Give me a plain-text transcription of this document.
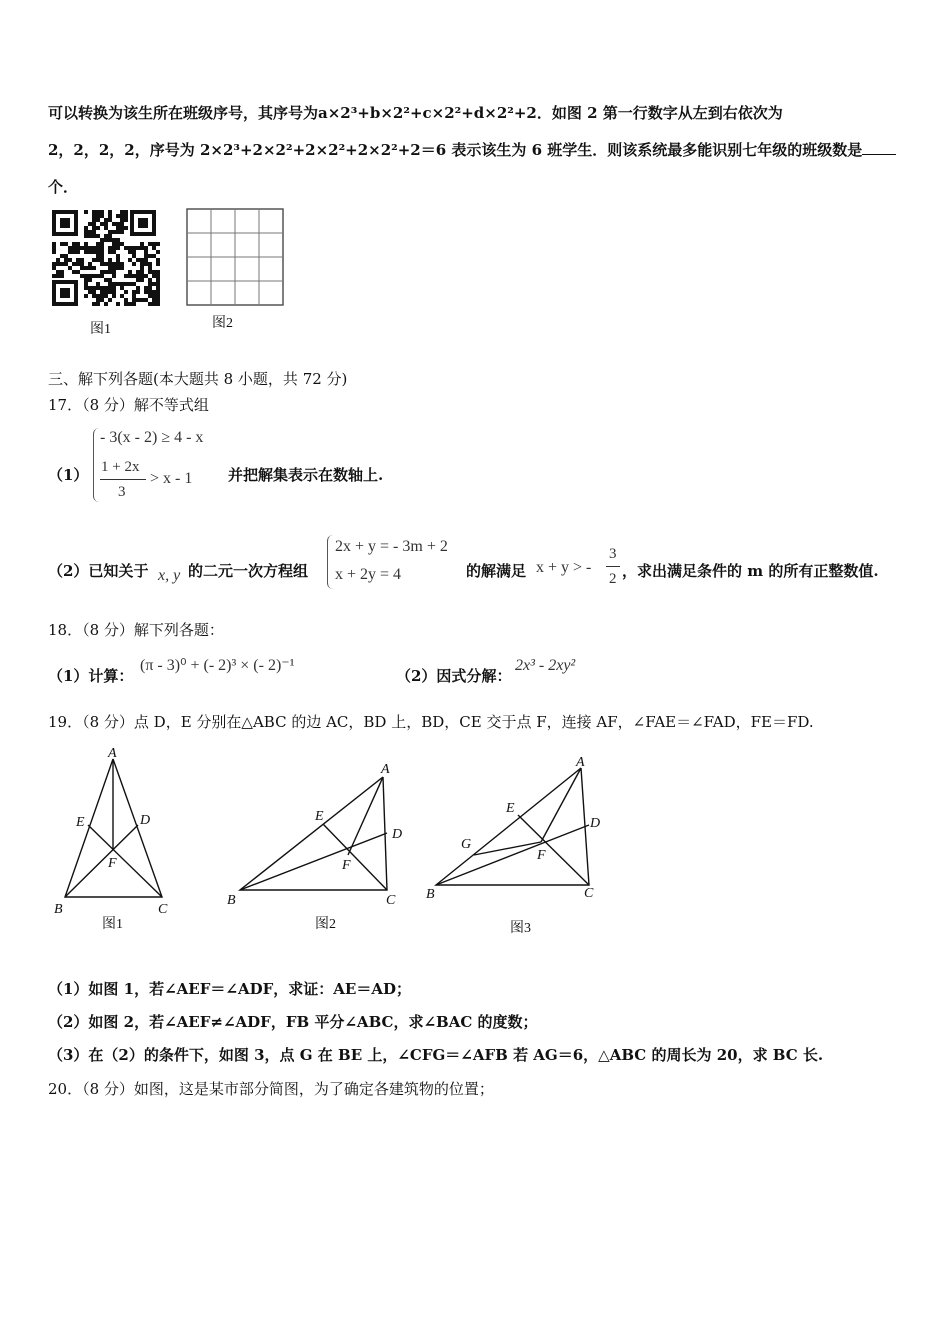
可以转换为该生所在班级序号，其序号为a×2³+b×2²+c×2²+d×2²+2．如图 2 第一行数字从左到右依次为
2，2，2，2，序号为 2×2³+2×2²+2×2²+2×2²+2＝6 表示该生为 6 班学生．则该系统最多能识别七年级的班级数是
个．
图1	图2
三、解下列各题(本大题共 8 小题，共 72 分)
17．（8 分）解不等式组
（1）
- 3(x - 2) ≥ 4 - x
1 + 2x
3
> x - 1 并把解集表示在数轴上.
（2）已知关于 x, y 的二元一次方程组
2x + y = - 3m + 2
x + 2y = 4	的解满足 x + y > -
3
2 ，求出满足条件的 m 的所有正整数值.
18．（8 分）解下列各题：
（1）计算：
(π - 3)⁰ + (- 2)³ × (- 2)⁻¹
（2）因式分解：
2x³ - 2xy²
19．（8 分）点 D，E 分别在△ABC 的边 AC，BD 上，BD，CE 交于点 F，连接 AF，∠FAE＝∠FAD，FE＝FD.
A
B	C
D
E
F
A
B	C
D
E
F
A
B	C
D
E
F
G
图1	图2	图3
（1）如图 1，若∠AEF＝∠ADF，求证：AE＝AD；
（2）如图 2，若∠AEF≠∠ADF，FB 平分∠ABC，求∠BAC 的度数；
（3）在（2）的条件下，如图 3，点 G 在 BE 上，∠CFG＝∠AFB 若 AG＝6，△ABC 的周长为 20，求 BC 长.
20．（8 分）如图，这是某市部分简图，为了确定各建筑物的位置；
